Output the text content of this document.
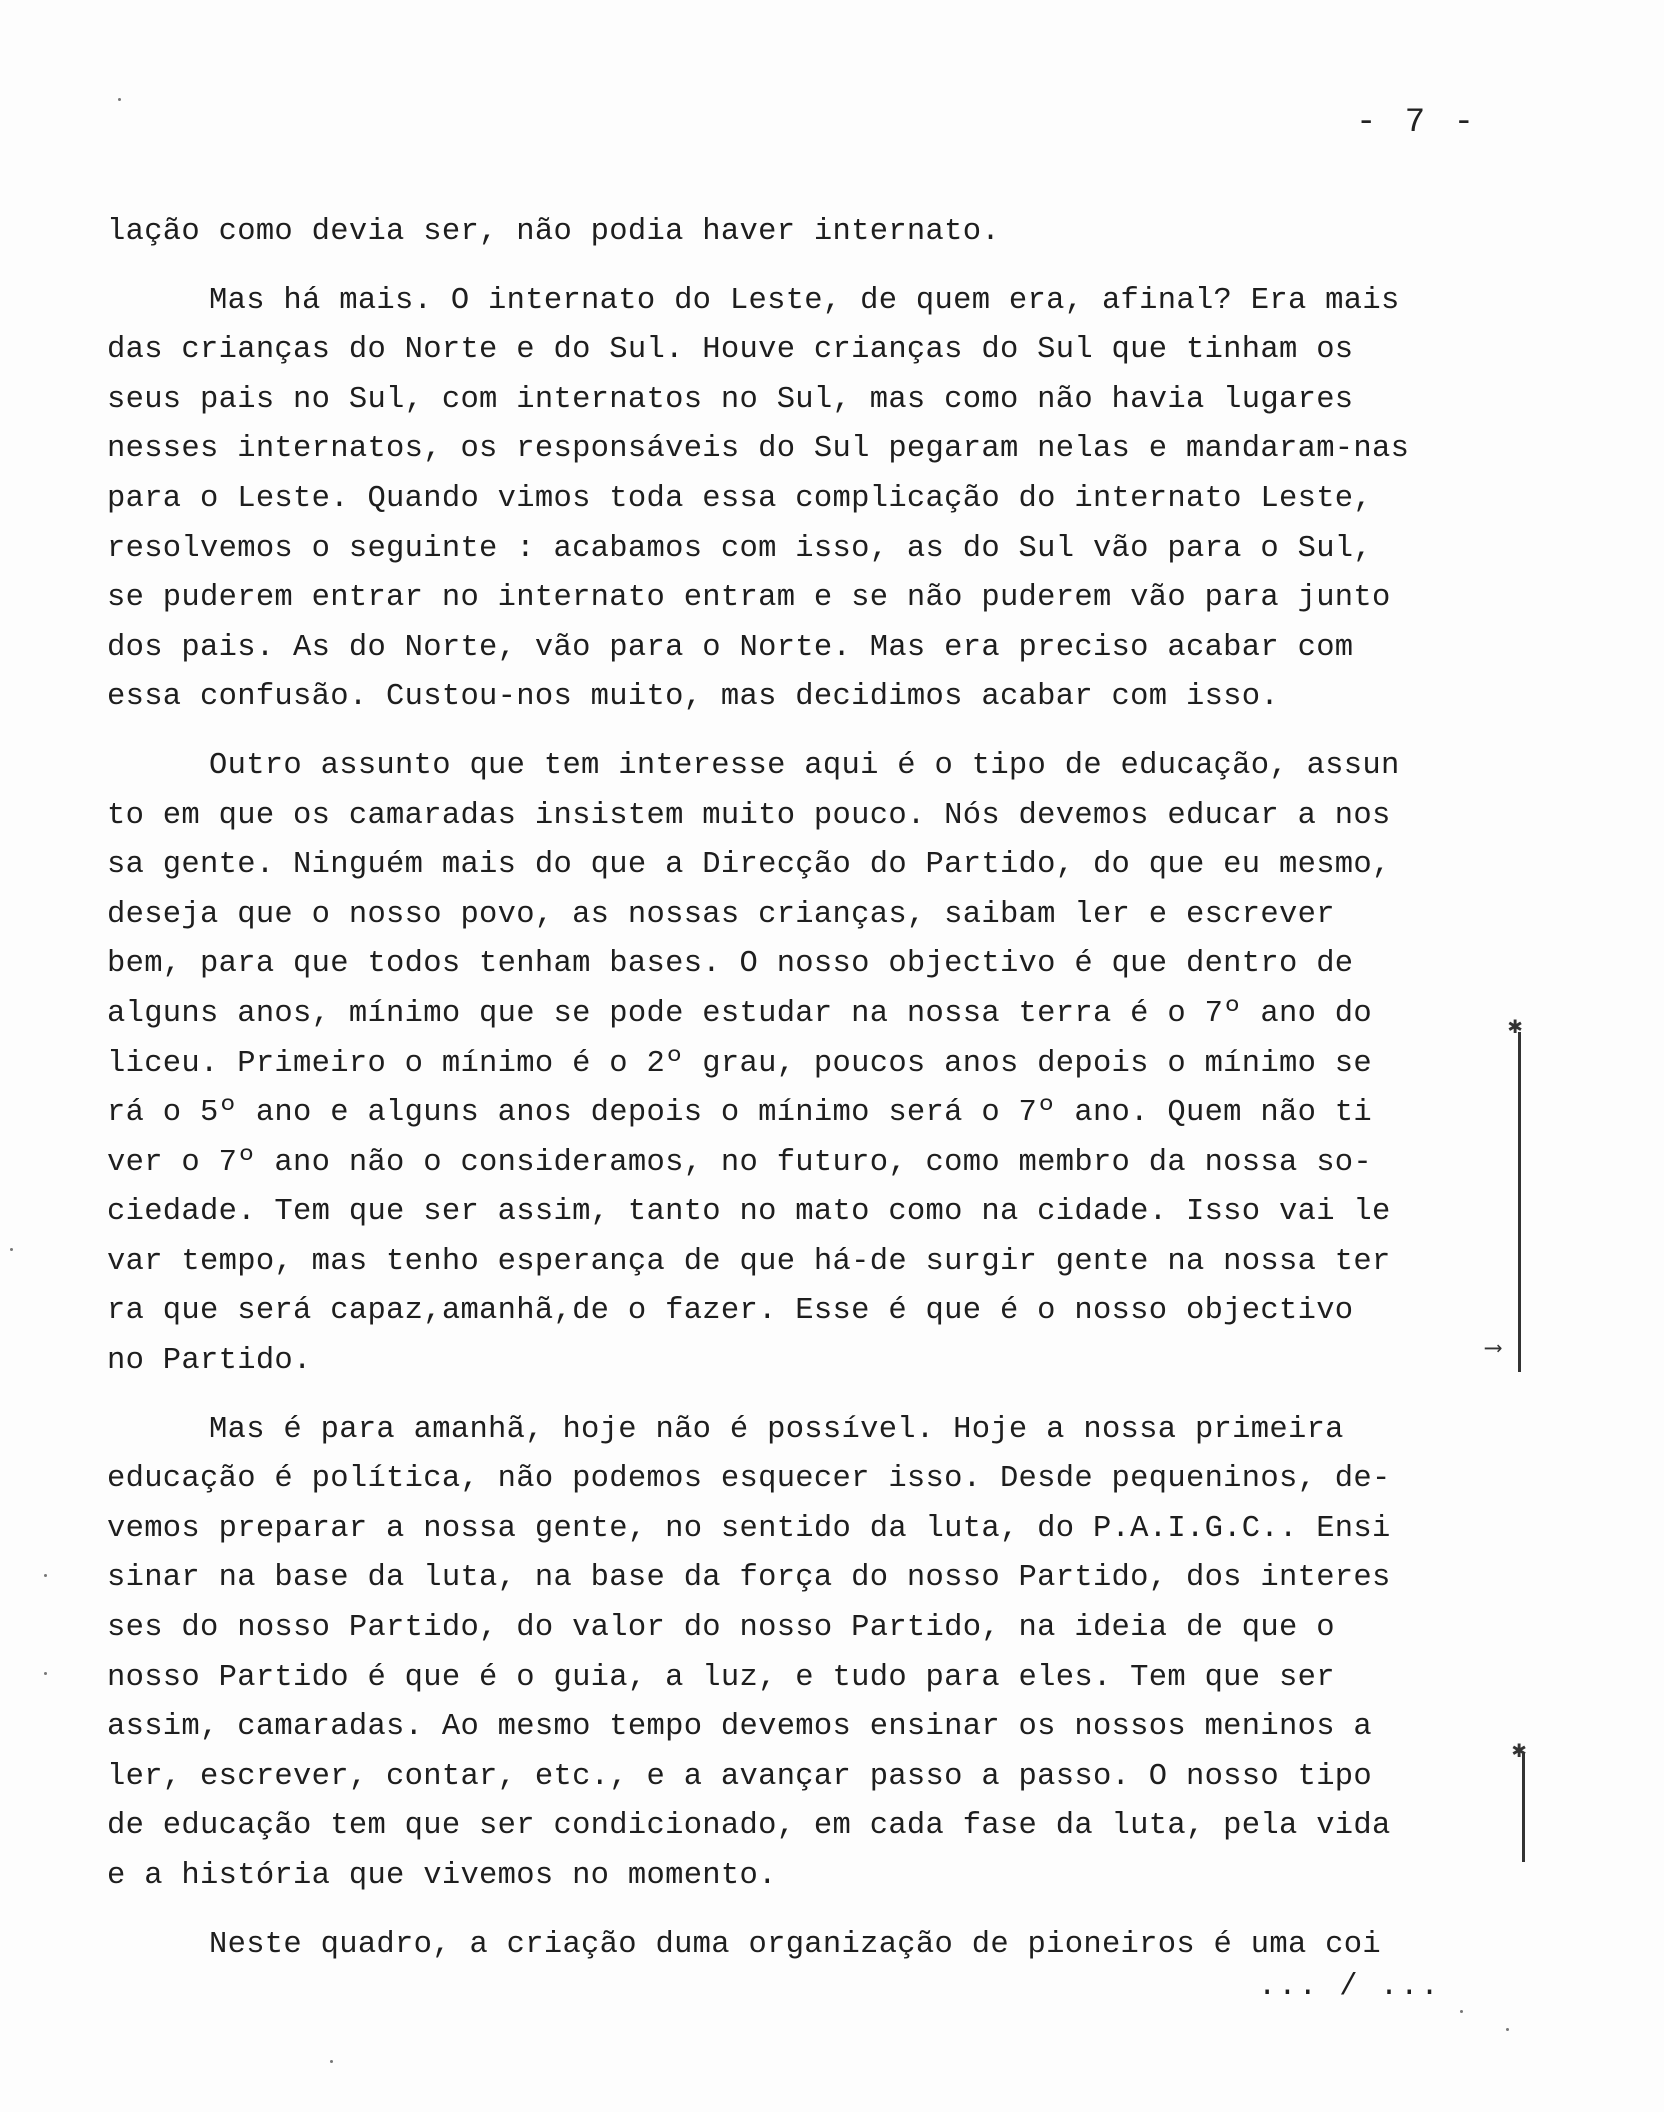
- 7 -
lação como devia ser, não podia haver internato.
Mas há mais. O internato do Leste, de quem era, afinal? Era mais
das crianças do Norte e do Sul. Houve crianças do Sul que tinham os
seus pais no Sul, com internatos no Sul, mas como não havia lugares
nesses internatos, os responsáveis do Sul pegaram nelas e mandaram-nas
para o Leste. Quando vimos toda essa complicação do internato Leste,
resolvemos o seguinte : acabamos com isso, as do Sul vão para o Sul,
se puderem entrar no internato entram e se não puderem vão para junto
dos pais. As do Norte, vão para o Norte. Mas era preciso acabar com
essa confusão. Custou-nos muito, mas decidimos acabar com isso.
Outro assunto que tem interesse aqui é o tipo de educação, assun
to em que os camaradas insistem muito pouco. Nós devemos educar a nos
sa gente. Ninguém mais do que a Direcção do Partido, do que eu mesmo,
deseja que o nosso povo, as nossas crianças, saibam ler e escrever
bem, para que todos tenham bases. O nosso objectivo é que dentro de
alguns anos, mínimo que se pode estudar na nossa terra é o 7º ano do
liceu. Primeiro o mínimo é o 2º grau, poucos anos depois o mínimo se
rá o 5º ano e alguns anos depois o mínimo será o 7º ano. Quem não ti
ver o 7º ano não o consideramos, no futuro, como membro da nossa so-
ciedade. Tem que ser assim, tanto no mato como na cidade. Isso vai le
var tempo, mas tenho esperança de que há-de surgir gente na nossa ter
ra que será capaz,amanhã,de o fazer. Esse é que é o nosso objectivo
no Partido.
Mas é para amanhã, hoje não é possível. Hoje a nossa primeira
educação é política, não podemos esquecer isso. Desde pequeninos, de-
vemos preparar a nossa gente, no sentido da luta, do P.A.I.G.C.. Ensi
sinar na base da luta, na base da força do nosso Partido, dos interes
ses do nosso Partido, do valor do nosso Partido, na ideia de que o
nosso Partido é que é o guia, a luz, e tudo para eles. Tem que ser
assim, camaradas. Ao mesmo tempo devemos ensinar os nossos meninos a
ler, escrever, contar, etc., e a avançar passo a passo. O nosso tipo
de educação tem que ser condicionado, em cada fase da luta, pela vida
e a história que vivemos no momento.
Neste quadro, a criação duma organização de pioneiros é uma coi
... / ...
✱
⟶
✱
